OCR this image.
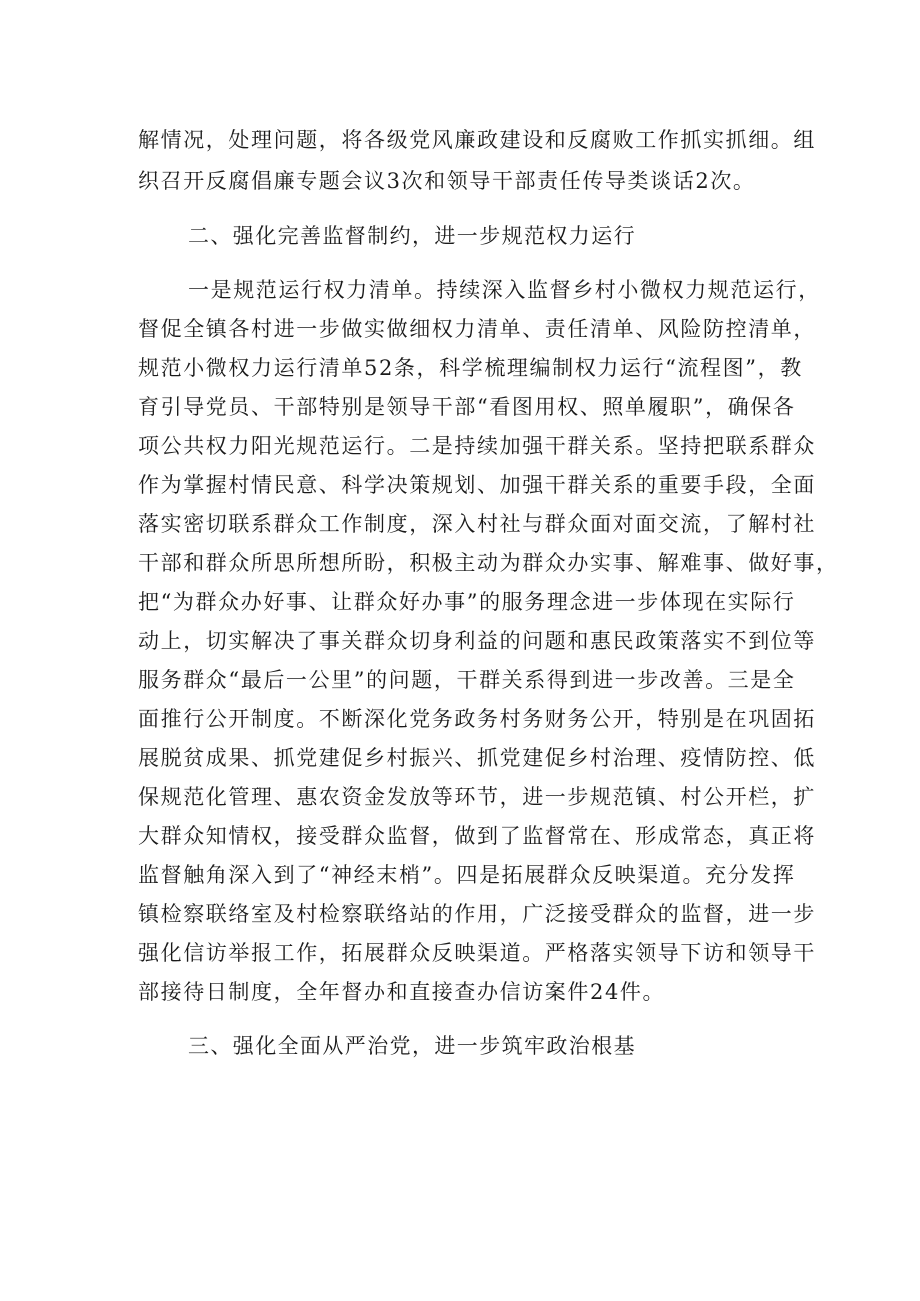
解情况，处理问题，将各级党风廉政建设和反腐败工作抓实抓细。组
织召开反腐倡廉专题会议3次和领导干部责任传导类谈话2次。
二、强化完善监督制约，进一步规范权力运行
一是规范运行权力清单。持续深入监督乡村小微权力规范运行，
督促全镇各村进一步做实做细权力清单、责任清单、风险防控清单，
规范小微权力运行清单52条，科学梳理编制权力运行“流程图”，教
育引导党员、干部特别是领导干部“看图用权、照单履职”，确保各
项公共权力阳光规范运行。二是持续加强干群关系。坚持把联系群众
作为掌握村情民意、科学决策规划、加强干群关系的重要手段，全面
落实密切联系群众工作制度，深入村社与群众面对面交流，了解村社
干部和群众所思所想所盼，积极主动为群众办实事、解难事、做好事，
把“为群众办好事、让群众好办事”的服务理念进一步体现在实际行
动上，切实解决了事关群众切身利益的问题和惠民政策落实不到位等
服务群众“最后一公里”的问题，干群关系得到进一步改善。三是全
面推行公开制度。不断深化党务政务村务财务公开，特别是在巩固拓
展脱贫成果、抓党建促乡村振兴、抓党建促乡村治理、疫情防控、低
保规范化管理、惠农资金发放等环节，进一步规范镇、村公开栏，扩
大群众知情权，接受群众监督，做到了监督常在、形成常态，真正将
监督触角深入到了“神经末梢”。四是拓展群众反映渠道。充分发挥
镇检察联络室及村检察联络站的作用，广泛接受群众的监督，进一步
强化信访举报工作，拓展群众反映渠道。严格落实领导下访和领导干
部接待日制度，全年督办和直接查办信访案件24件。
三、强化全面从严治党，进一步筑牢政治根基
